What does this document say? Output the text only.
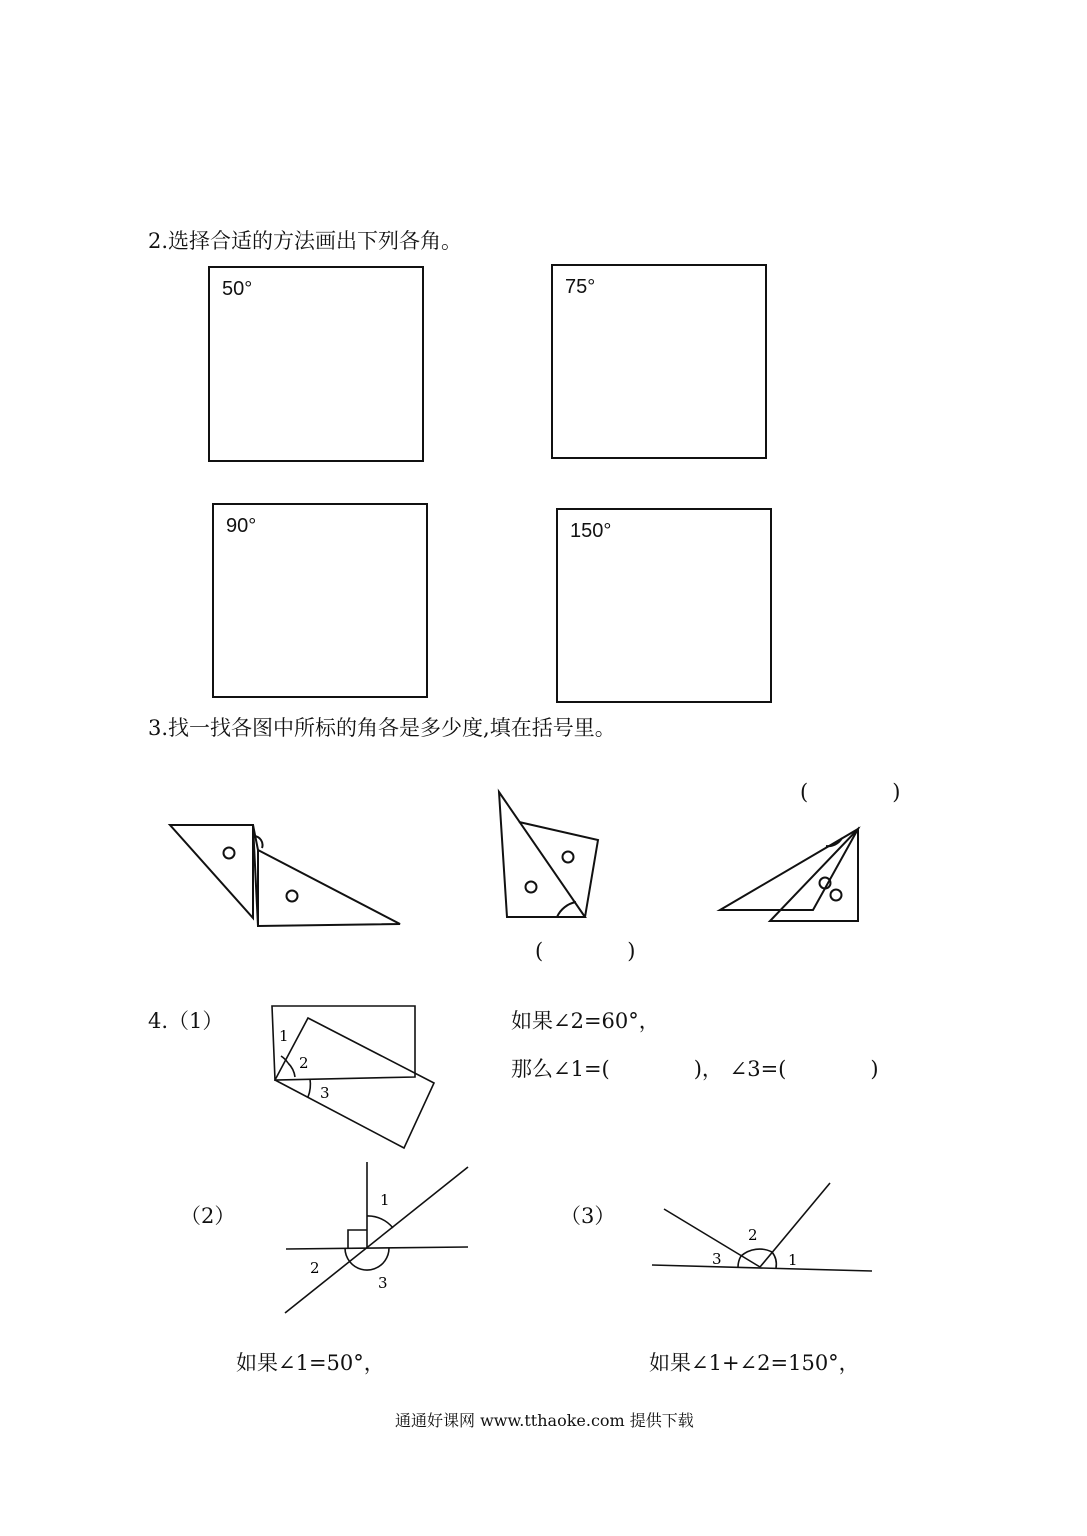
2.选择合适的方法画出下列各角。
50°	75°
90°	150°
3.找一找各图中所标的角各是多少度,填在括号里。
(　　　　)
(　　　　)
4.（1）
1
2
3
如果∠2=60°，
那么∠1=(　　　　)， ∠3=(　　　　)
（2）
1
2
3
如果∠1=50°，
（3）
2
3	1
如果∠1+∠2=150°，
通通好课网 www.tthaoke.com 提供下载
